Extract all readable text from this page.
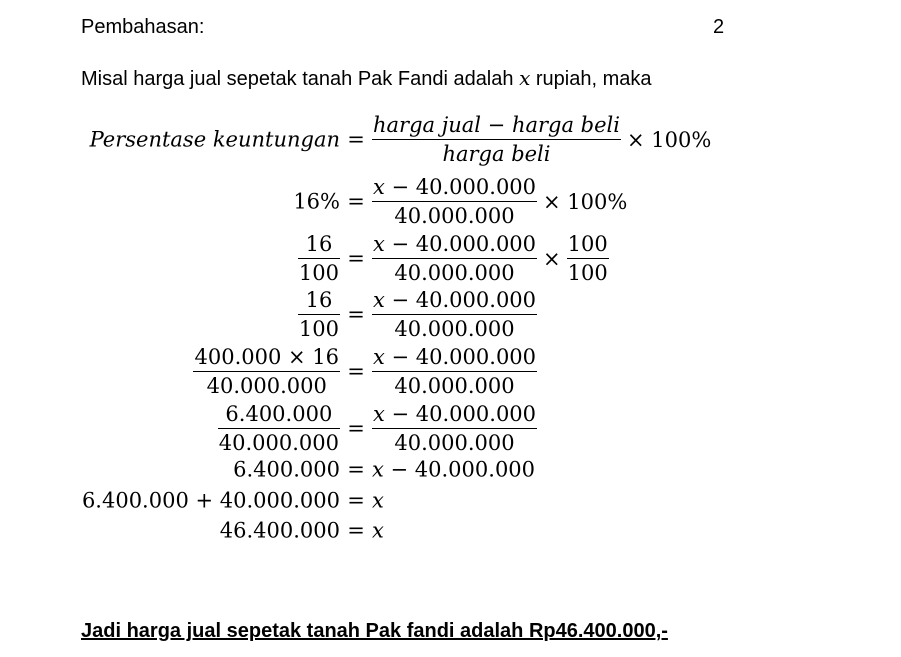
Pembahasan:	2
Misal harga jual sepetak tanah Pak Fandi adalah x rupiah, maka
Persentase keuntungan = $\frac{\text{harga jual − harga beli}}{\text{harga beli}} \times 100\%$
$16\% = \frac{x - 40.000.000}{40.000.000} \times 100\%$
$\frac{16}{100} = \frac{x - 40.000.000}{40.000.000} \times \frac{100}{100}$
$\frac{16}{100} = \frac{x - 40.000.000}{40.000.000}$
$\frac{400.000 \times 16}{40.000.000} = \frac{x - 40.000.000}{40.000.000}$
$\frac{6.400.000}{40.000.000} = \frac{x - 40.000.000}{40.000.000}$
6.400.000 = x − 40.000.000
6.400.000 + 40.000.000 = x
46.400.000 = x
Jadi harga jual sepetak tanah Pak fandi adalah Rp46.400.000,-
